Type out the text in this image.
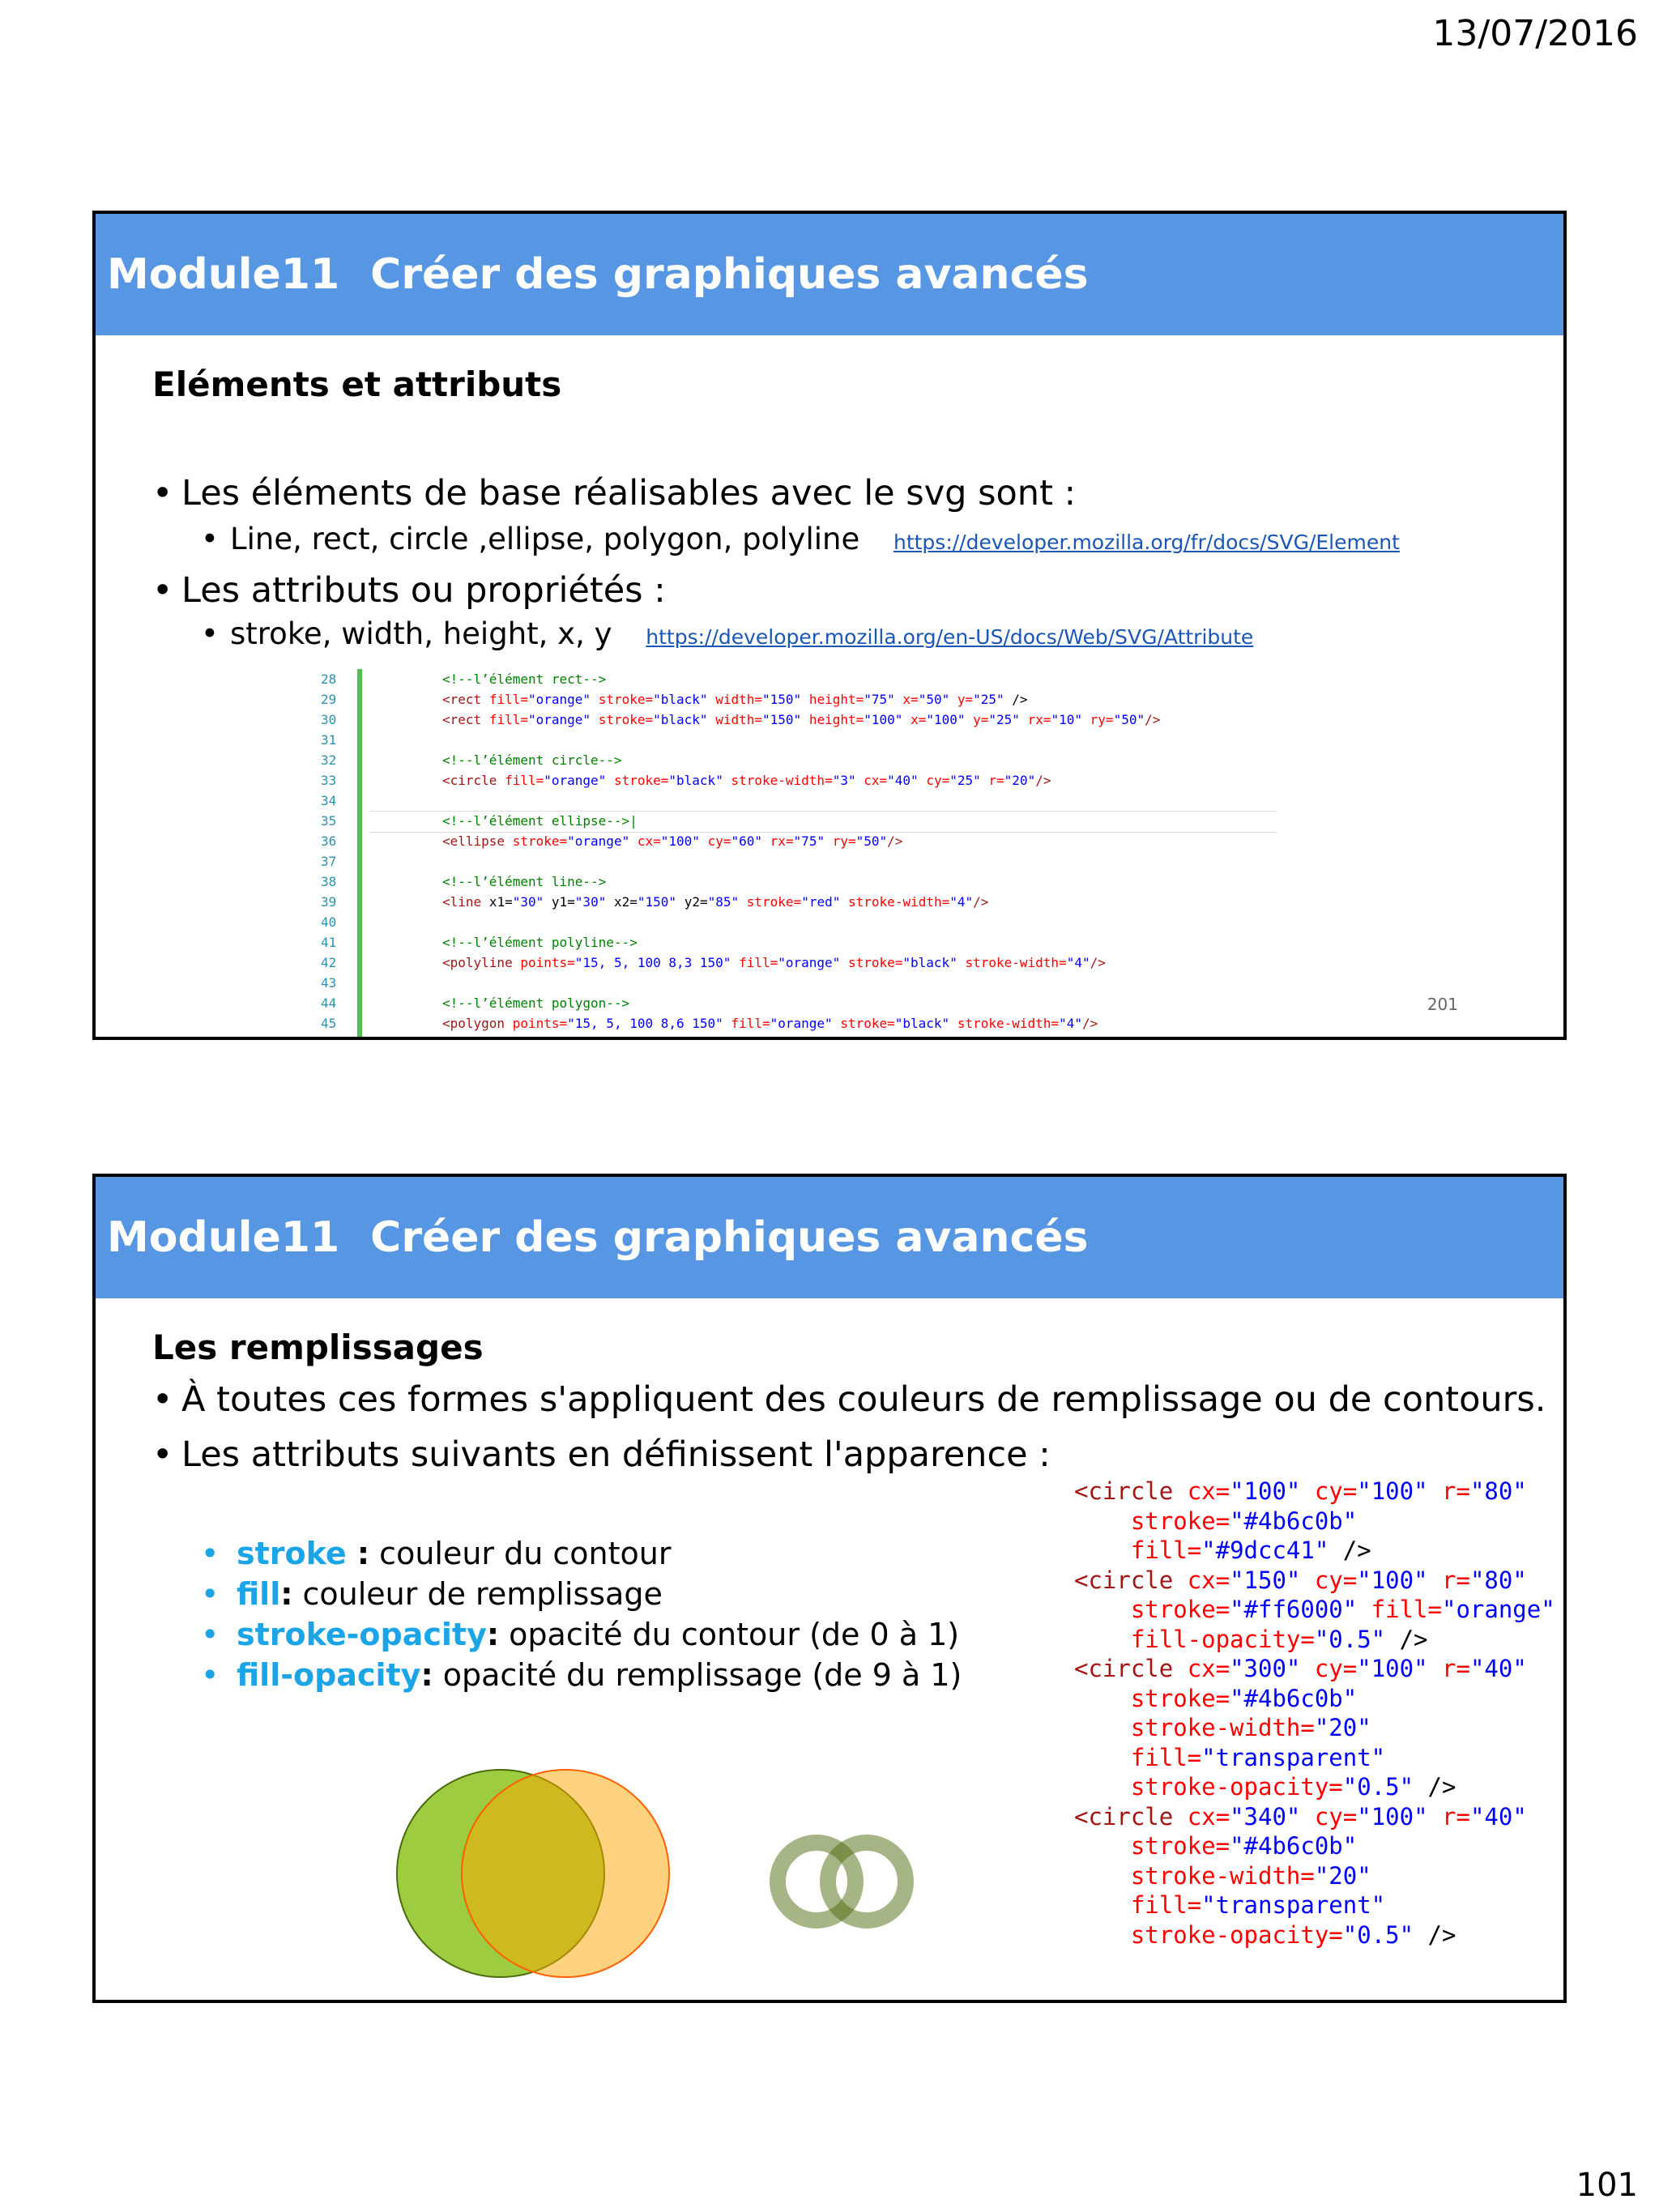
13/07/2016
Module11 Créer des graphiques avancés
Eléments et attributs
• Les éléments de base réalisables avec le svg sont :
• Line, rect, circle ,ellipse, polygon, polyline https://developer.mozilla.org/fr/docs/SVG/Element
• Les attributs ou propriétés :
• stroke, width, height, x, y https://developer.mozilla.org/en-US/docs/Web/SVG/Attribute
28	<!--l’élément rect-->
29	<rect fill="orange" stroke="black" width="150" height="75" x="50" y="25" />
30	<rect fill="orange" stroke="black" width="150" height="100" x="100" y="25" rx="10" ry="50"/>
31
32	<!--l’élément circle-->
33	<circle fill="orange" stroke="black" stroke-width="3" cx="40" cy="25" r="20"/>
34
35	<!--l’élément ellipse-->|
36	<ellipse stroke="orange" cx="100" cy="60" rx="75" ry="50"/>
37
38	<!--l’élément line-->
39	<line x1="30" y1="30" x2="150" y2="85" stroke="red" stroke-width="4"/>
40
41	<!--l’élément polyline-->
42	<polyline points="15, 5, 100 8,3 150" fill="orange" stroke="black" stroke-width="4"/>
43
44	<!--l’élément polygon-->
45	<polygon points="15, 5, 100 8,6 150" fill="orange" stroke="black" stroke-width="4"/>
201
Module11 Créer des graphiques avancés
Les remplissages
• À toutes ces formes s'appliquent des couleurs de remplissage ou de contours.
• Les attributs suivants en définissent l'apparence :
• stroke : couleur du contour
• fill: couleur de remplissage
• stroke-opacity: opacité du contour (de 0 à 1)
• fill-opacity: opacité du remplissage (de 9 à 1)
<circle cx="100" cy="100" r="80"
stroke="#4b6c0b"
fill="#9dcc41" />
<circle cx="150" cy="100" r="80"
stroke="#ff6000" fill="orange"
fill-opacity="0.5" />
<circle cx="300" cy="100" r="40"
stroke="#4b6c0b"
stroke-width="20"
fill="transparent"
stroke-opacity="0.5" />
<circle cx="340" cy="100" r="40"
stroke="#4b6c0b"
stroke-width="20"
fill="transparent"
stroke-opacity="0.5" />
101
